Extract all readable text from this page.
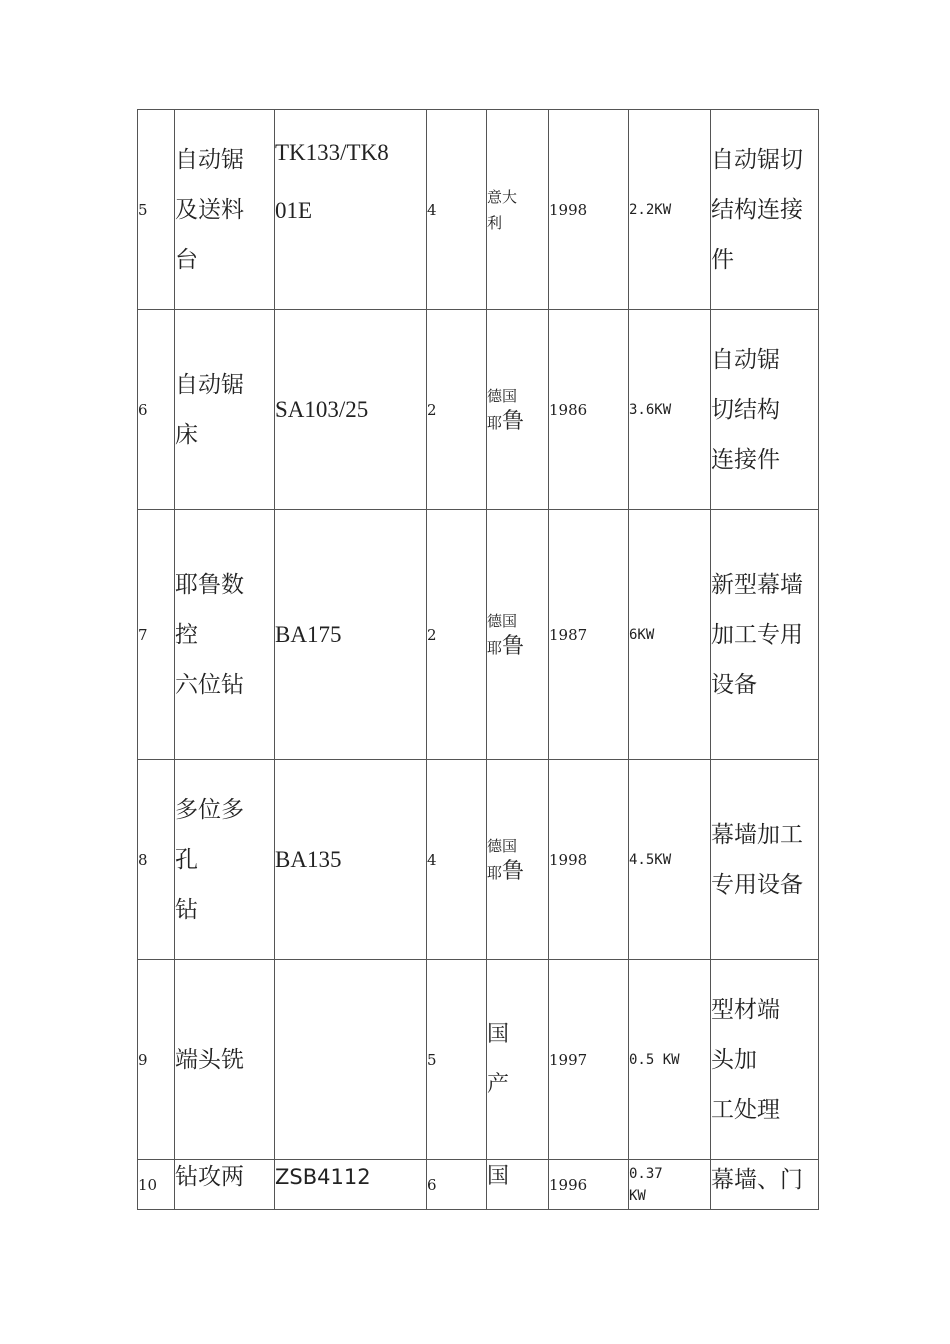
5	自动锯
及送料
台	TK133/TK8
01E	4	意大
利	1998	2.2KW	自动锯切
结构连接
件

6	自动锯
床	SA103/25	2	德国
耶鲁	1986	3.6KW	自动锯
切结构
连接件

7	耶鲁数
控
六位钻	BA175	2	德国
耶鲁	1987	6KW	新型幕墙
加工专用
设备

8	多位多
孔
钻	BA135	4	德国
耶鲁	1998	4.5KW	幕墙加工
专用设备

9	端头铣		5	国
产	1997	0.5 KW	型材端
头加
工处理

10	钻攻两	ZSB4112	6	国	1996	0.37
KW	幕墙、门
